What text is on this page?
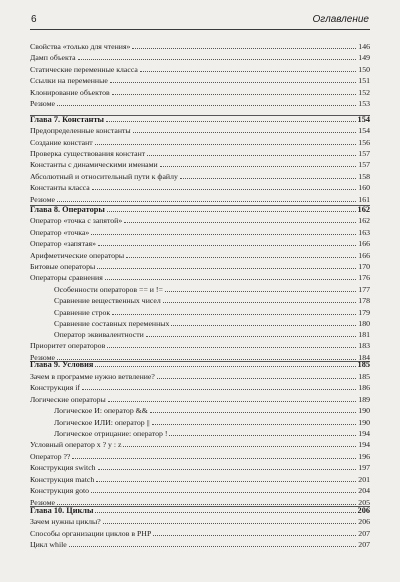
6	Оглавление
Свойства «только для чтения»	146
Дамп объекта	149
Статические переменные класса	150
Ссылки на переменные	151
Клонирование объектов	152
Резюме	153
Глава 7. Константы	154
Предопределенные константы	154
Создание констант	156
Проверка существования констант	157
Константы с динамическими именами	157
Абсолютный и относительный пути к файлу	158
Константы класса	160
Резюме	161
Глава 8. Операторы	162
Оператор «точка с запятой»	162
Оператор «точка»	163
Оператор «запятая»	166
Арифметические операторы	166
Битовые операторы	170
Операторы сравнения	176
Особенности операторов == и !=	177
Сравнение вещественных чисел	178
Сравнение строк	179
Сравнение составных переменных	180
Оператор эквивалентности	181
Приоритет операторов	183
Резюме	184
Глава 9. Условия	185
Зачем в программе нужно ветвление?	185
Конструкция if	186
Логические операторы	189
Логическое И: оператор &&	190
Логическое ИЛИ: оператор ||	190
Логическое отрицание: оператор !	194
Условный оператор x ? y : z	194
Оператор ??	196
Конструкция switch	197
Конструкция match	201
Конструкция goto	204
Резюме	205
Глава 10. Циклы	206
Зачем нужны циклы?	206
Способы организации циклов в PHP	207
Цикл while	207
